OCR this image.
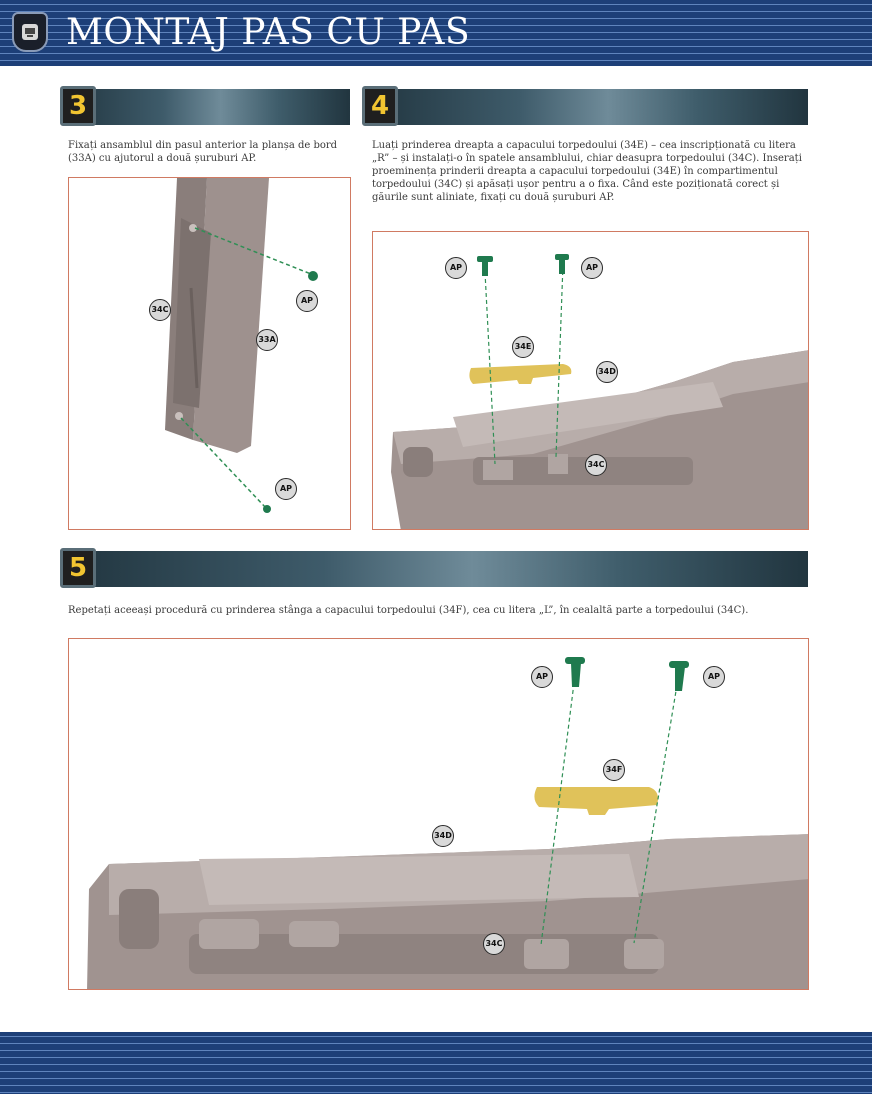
MONTAJ PAS CU PAS
3
Fixați ansamblul din pasul anterior la planșa de bord (33A) cu ajutorul a două șuruburi AP.
34C
33A
AP
AP
4
Luați prinderea dreapta a capacului torpedoului (34E) – cea inscripționată cu litera „R” – și instalați-o în spatele ansamblului, chiar deasupra torpedoului (34C). Inserați proeminența prinderii dreapta a capacului torpedoului (34E) în compartimentul torpedoului (34C) și apăsați ușor pentru a o fixa. Când este poziționată corect și găurile sunt aliniate, fixați cu două șuruburi AP.
AP	AP
34E
34D
34C
5
Repetați aceeași procedură cu prinderea stânga a capacului torpedoului (34F), cea cu litera „L”, în cealaltă parte a torpedoului (34C).
AP	AP
34F
34D
34C
